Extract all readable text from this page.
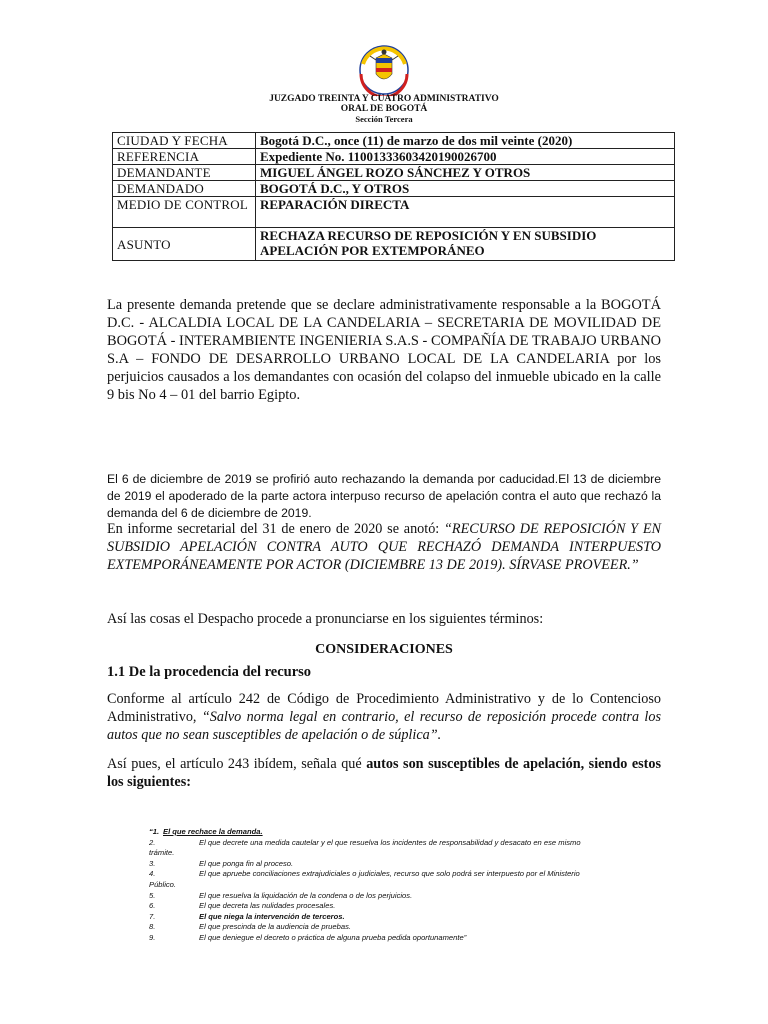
JUZGADO TREINTA Y CUATRO ADMINISTRATIVO
ORAL DE BOGOTÁ
Sección Tercera
CIUDAD Y FECHA	Bogotá D.C., once (11) de marzo de dos mil veinte (2020)
REFERENCIA	Expediente No. 11001333603420190026700
DEMANDANTE	MIGUEL ÁNGEL ROZO SÁNCHEZ Y OTROS
DEMANDADO	BOGOTÁ D.C., Y OTROS
MEDIO DE CONTROL	REPARACIÓN DIRECTA
ASUNTO	RECHAZA RECURSO DE REPOSICIÓN Y EN SUBSIDIO APELACIÓN POR EXTEMPORÁNEO
La presente demanda pretende que se declare administrativamente responsable a la BOGOTÁ D.C. - ALCALDIA LOCAL DE LA CANDELARIA – SECRETARIA DE MOVILIDAD DE BOGOTÁ - INTERAMBIENTE INGENIERIA S.A.S - COMPAÑÍA DE TRABAJO URBANO S.A – FONDO DE DESARROLLO URBANO LOCAL DE LA CANDELARIA por los perjuicios causados a los demandantes con ocasión del colapso del inmueble ubicado en la calle 9 bis No 4 – 01 del barrio Egipto.
El 6 de diciembre de 2019 se profirió auto rechazando la demanda por caducidad.El 13 de diciembre de 2019 el apoderado de la parte actora interpuso recurso de apelación contra el auto que rechazó la demanda del 6 de diciembre de 2019.
En informe secretarial del 31 de enero de 2020 se anotó: “RECURSO DE REPOSICIÓN Y EN SUBSIDIO APELACIÓN CONTRA AUTO QUE RECHAZÓ DEMANDA INTERPUESTO EXTEMPORÁNEAMENTE POR ACTOR (DICIEMBRE 13 DE 2019). SÍRVASE PROVEER.”
Así las cosas el Despacho procede a pronunciarse en los siguientes términos:
CONSIDERACIONES
1.1 De la procedencia del recurso
Conforme al artículo 242 de Código de Procedimiento Administrativo y de lo Contencioso Administrativo, “Salvo norma legal en contrario, el recurso de reposición procede contra los autos que no sean susceptibles de apelación o de súplica”.
Así pues, el artículo 243 ibídem, señala qué autos son susceptibles de apelación, siendo estos los siguientes:
“1. El que rechace la demanda.
2.	El que decrete una medida cautelar y el que resuelva los incidentes de responsabilidad y desacato en ese mismo
trámite.
3.	El que ponga fin al proceso.
4.	El que apruebe conciliaciones extrajudiciales o judiciales, recurso que solo podrá ser interpuesto por el Ministerio
Público.
5.	El que resuelva la liquidación de la condena o de los perjuicios.
6.	El que decreta las nulidades procesales.
7.	El que niega la intervención de terceros.
8.	El que prescinda de la audiencia de pruebas.
9.	El que deniegue el decreto o práctica de alguna prueba pedida oportunamente”
